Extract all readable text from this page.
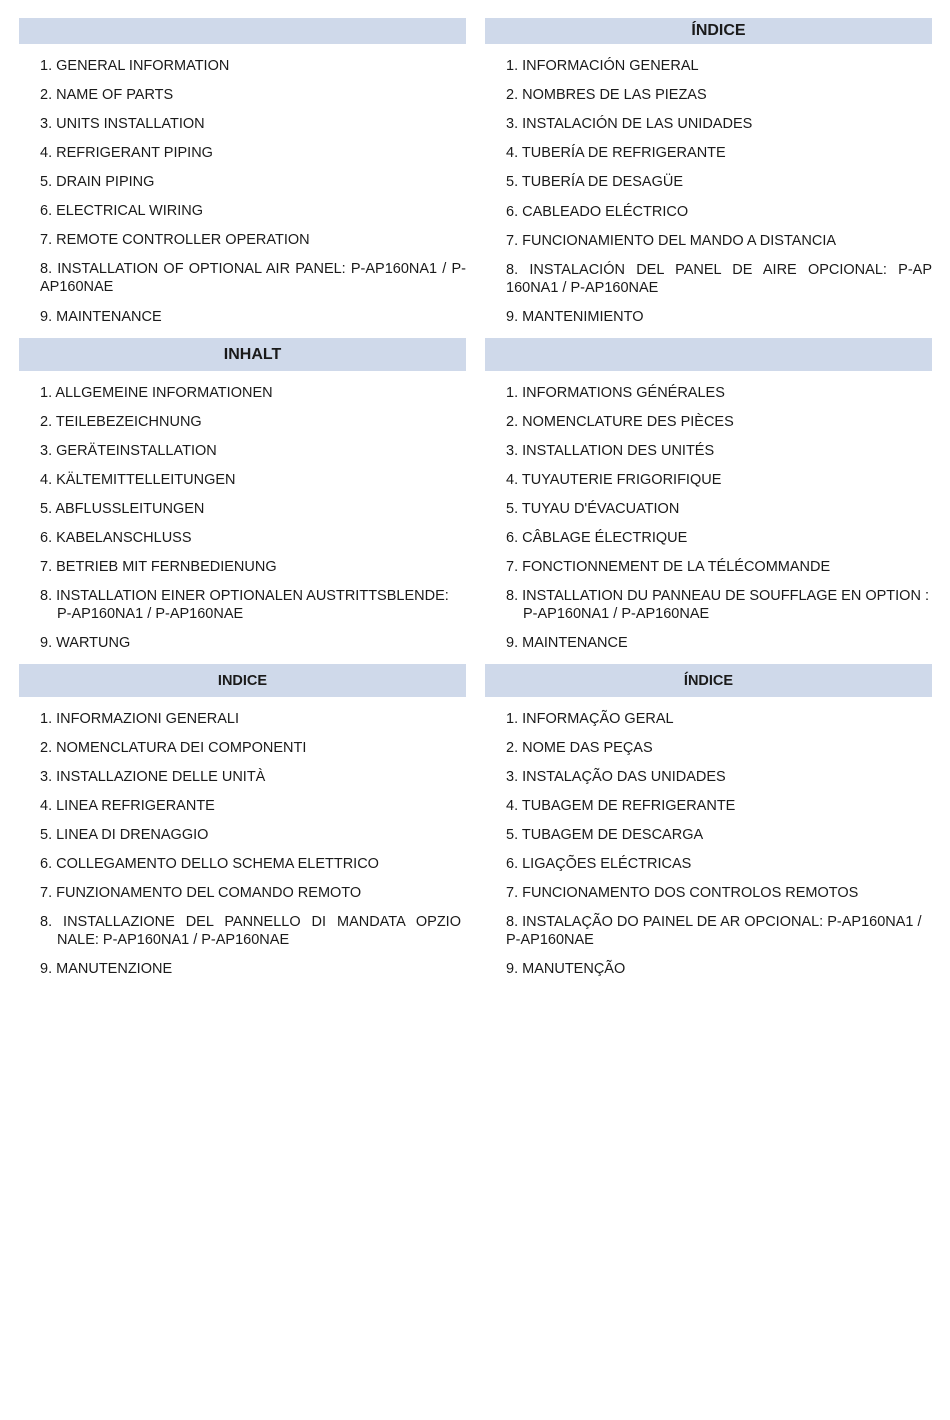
1. GENERAL INFORMATION
2. NAME OF PARTS
3. UNITS INSTALLATION
4. REFRIGERANT PIPING
5. DRAIN PIPING
6. ELECTRICAL WIRING
7. REMOTE CONTROLLER OPERATION
8. INSTALLATION OF OPTIONAL AIR PANEL: P-AP160NA1 / P-AP160NAE
9. MAINTENANCE
ÍNDICE
1. INFORMACIÓN GENERAL
2. NOMBRES DE LAS PIEZAS
3. INSTALACIÓN DE LAS UNIDADES
4. TUBERÍA DE REFRIGERANTE
5. TUBERÍA DE DESAGÜE
6. CABLEADO ELÉCTRICO
7. FUNCIONAMIENTO DEL MANDO A DISTANCIA
8. INSTALACIÓN DEL PANEL DE AIRE OPCIONAL: P-AP 160NA1 / P-AP160NAE
9. MANTENIMIENTO
INHALT
1. ALLGEMEINE INFORMATIONEN
2. TEILEBEZEICHNUNG
3. GERÄTEINSTALLATION
4. KÄLTEMITTELLEITUNGEN
5. ABFLUSSLEITUNGEN
6. KABELANSCHLUSS
7. BETRIEB MIT FERNBEDIENUNG
8. INSTALLATION EINER OPTIONALEN AUSTRITTSBLENDE: P-AP160NA1 / P-AP160NAE
9. WARTUNG
1. INFORMATIONS GÉNÉRALES
2. NOMENCLATURE DES PIÈCES
3. INSTALLATION DES UNITÉS
4. TUYAUTERIE FRIGORIFIQUE
5. TUYAU D'ÉVACUATION
6. CÂBLAGE ÉLECTRIQUE
7. FONCTIONNEMENT DE LA TÉLÉCOMMANDE
8. INSTALLATION DU PANNEAU DE SOUFFLAGE EN OPTION : P-AP160NA1 / P-AP160NAE
9. MAINTENANCE
INDICE
1. INFORMAZIONI GENERALI
2. NOMENCLATURA DEI COMPONENTI
3. INSTALLAZIONE DELLE UNITÀ
4. LINEA REFRIGERANTE
5. LINEA DI DRENAGGIO
6. COLLEGAMENTO DELLO SCHEMA ELETTRICO
7. FUNZIONAMENTO DEL COMANDO REMOTO
8. INSTALLAZIONE DEL PANNELLO DI MANDATA OPZIO NALE: P-AP160NA1 / P-AP160NAE
9. MANUTENZIONE
ÍNDICE
1. INFORMAÇÃO GERAL
2. NOME DAS PEÇAS
3. INSTALAÇÃO DAS UNIDADES
4. TUBAGEM DE REFRIGERANTE
5. TUBAGEM DE DESCARGA
6. LIGAÇÕES ELÉCTRICAS
7. FUNCIONAMENTO DOS CONTROLOS REMOTOS
8. INSTALAÇÃO DO PAINEL DE AR OPCIONAL: P-AP160NA1 / P-AP160NAE
9. MANUTENÇÃO
